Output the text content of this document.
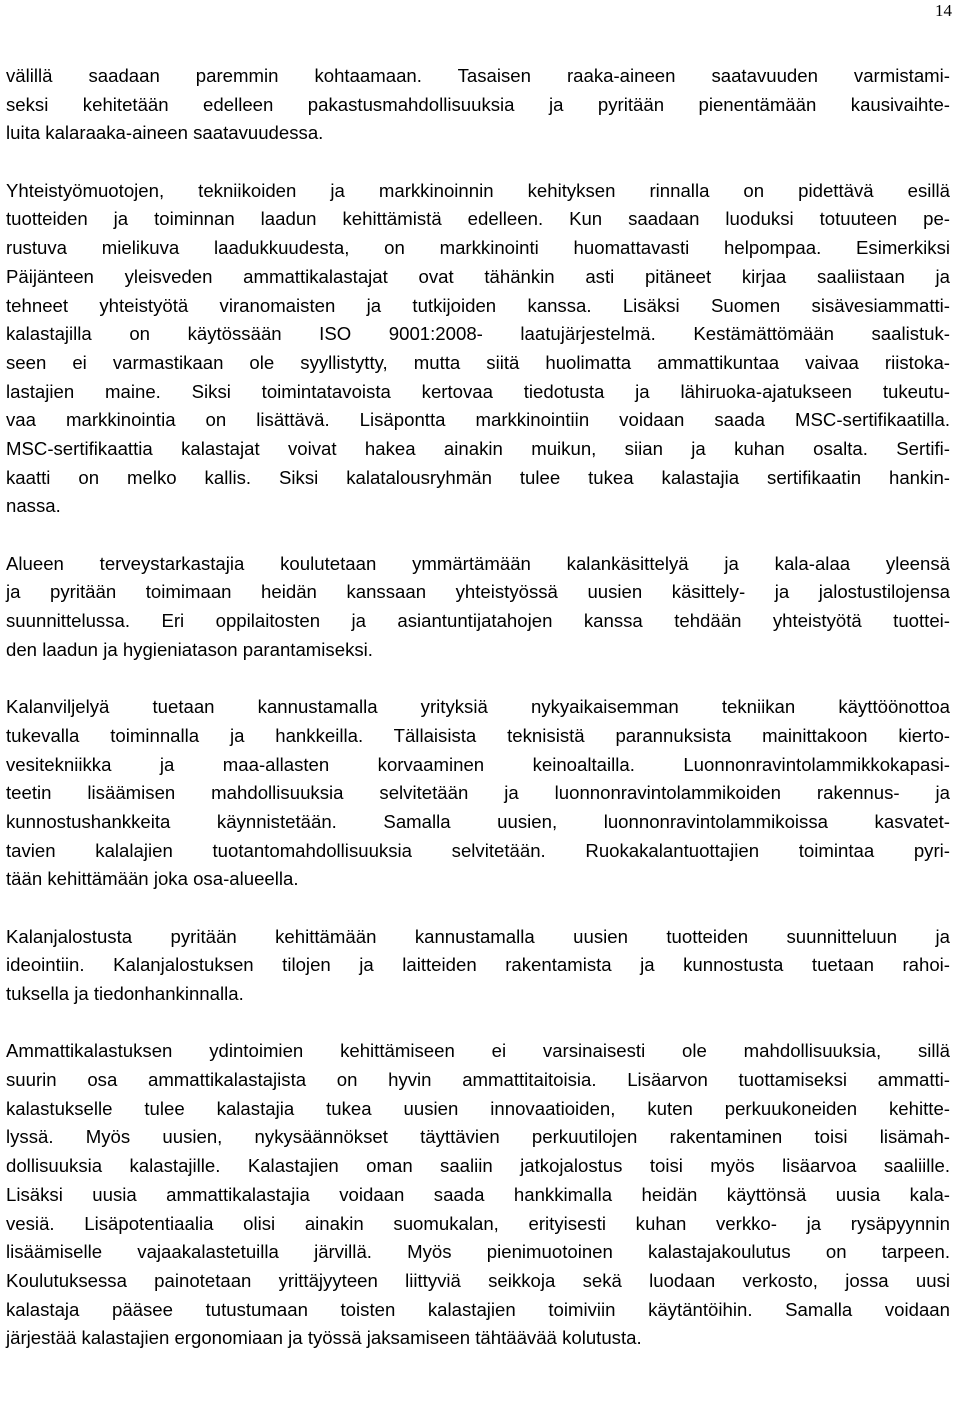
14
välillä saadaan paremmin kohtaamaan. Tasaisen raaka-aineen saatavuuden varmistami-
seksi kehitetään edelleen pakastusmahdollisuuksia ja pyritään pienentämään kausivaihte-
luita kalaraaka-aineen saatavuudessa.
Yhteistyömuotojen, tekniikoiden ja markkinoinnin kehityksen rinnalla on pidettävä esillä
tuotteiden ja toiminnan laadun kehittämistä edelleen. Kun saadaan luoduksi totuuteen pe-
rustuva mielikuva laadukkuudesta, on markkinointi huomattavasti helpompaa. Esimerkiksi
Päijänteen yleisveden ammattikalastajat ovat tähänkin asti pitäneet kirjaa saaliistaan ja
tehneet yhteistyötä viranomaisten ja tutkijoiden kanssa. Lisäksi Suomen sisävesiammatti-
kalastajilla on käytössään ISO 9001:2008- laatujärjestelmä. Kestämättömään saalistuk-
seen ei varmastikaan ole syyllistytty, mutta siitä huolimatta ammattikuntaa vaivaa riistoka-
lastajien maine. Siksi toimintatavoista kertovaa tiedotusta ja lähiruoka-ajatukseen tukeutu-
vaa markkinointia on lisättävä. Lisäpontta markkinointiin voidaan saada MSC-sertifikaatilla.
MSC-sertifikaattia kalastajat voivat hakea ainakin muikun, siian ja kuhan osalta. Sertifi-
kaatti on melko kallis. Siksi kalatalousryhmän tulee tukea kalastajia sertifikaatin hankin-
nassa.
Alueen terveystarkastajia koulutetaan ymmärtämään kalankäsittelyä ja kala-alaa yleensä
ja pyritään toimimaan heidän kanssaan yhteistyössä uusien käsittely- ja jalostustilojensa
suunnittelussa. Eri oppilaitosten ja asiantuntijatahojen kanssa tehdään yhteistyötä tuottei-
den laadun ja hygieniatason parantamiseksi.
Kalanviljelyä tuetaan kannustamalla yrityksiä nykyaikaisemman tekniikan käyttöönottoa
tukevalla toiminnalla ja hankkeilla. Tällaisista teknisistä parannuksista mainittakoon kierto-
vesitekniikka ja maa-allasten korvaaminen keinoaltailla. Luonnonravintolammikkokapasi-
teetin lisäämisen mahdollisuuksia selvitetään ja luonnonravintolammikoiden rakennus- ja
kunnostushankkeita käynnistetään. Samalla uusien, luonnonravintolammikoissa kasvatet-
tavien kalalajien tuotantomahdollisuuksia selvitetään. Ruokakalantuottajien toimintaa pyri-
tään kehittämään joka osa-alueella.
Kalanjalostusta pyritään kehittämään kannustamalla uusien tuotteiden suunnitteluun ja
ideointiin. Kalanjalostuksen tilojen ja laitteiden rakentamista ja kunnostusta tuetaan rahoi-
tuksella ja tiedonhankinnalla.
Ammattikalastuksen ydintoimien kehittämiseen ei varsinaisesti ole mahdollisuuksia, sillä
suurin osa ammattikalastajista on hyvin ammattitaitoisia. Lisäarvon tuottamiseksi ammatti-
kalastukselle tulee kalastajia tukea uusien innovaatioiden, kuten perkuukoneiden kehitte-
lyssä. Myös uusien, nykysäännökset täyttävien perkuutilojen rakentaminen toisi lisämah-
dollisuuksia kalastajille. Kalastajien oman saaliin jatkojalostus toisi myös lisäarvoa saaliille.
Lisäksi uusia ammattikalastajia voidaan saada hankkimalla heidän käyttönsä uusia kala-
vesiä. Lisäpotentiaalia olisi ainakin suomukalan, erityisesti kuhan verkko- ja rysäpyynnin
lisäämiselle vajaakalastetuilla järvillä. Myös pienimuotoinen kalastajakoulutus on tarpeen.
Koulutuksessa painotetaan yrittäjyyteen liittyviä seikkoja sekä luodaan verkosto, jossa uusi
kalastaja pääsee tutustumaan toisten kalastajien toimiviin käytäntöihin. Samalla voidaan
järjestää kalastajien ergonomiaan ja työssä jaksamiseen tähtäävää kolutusta.
